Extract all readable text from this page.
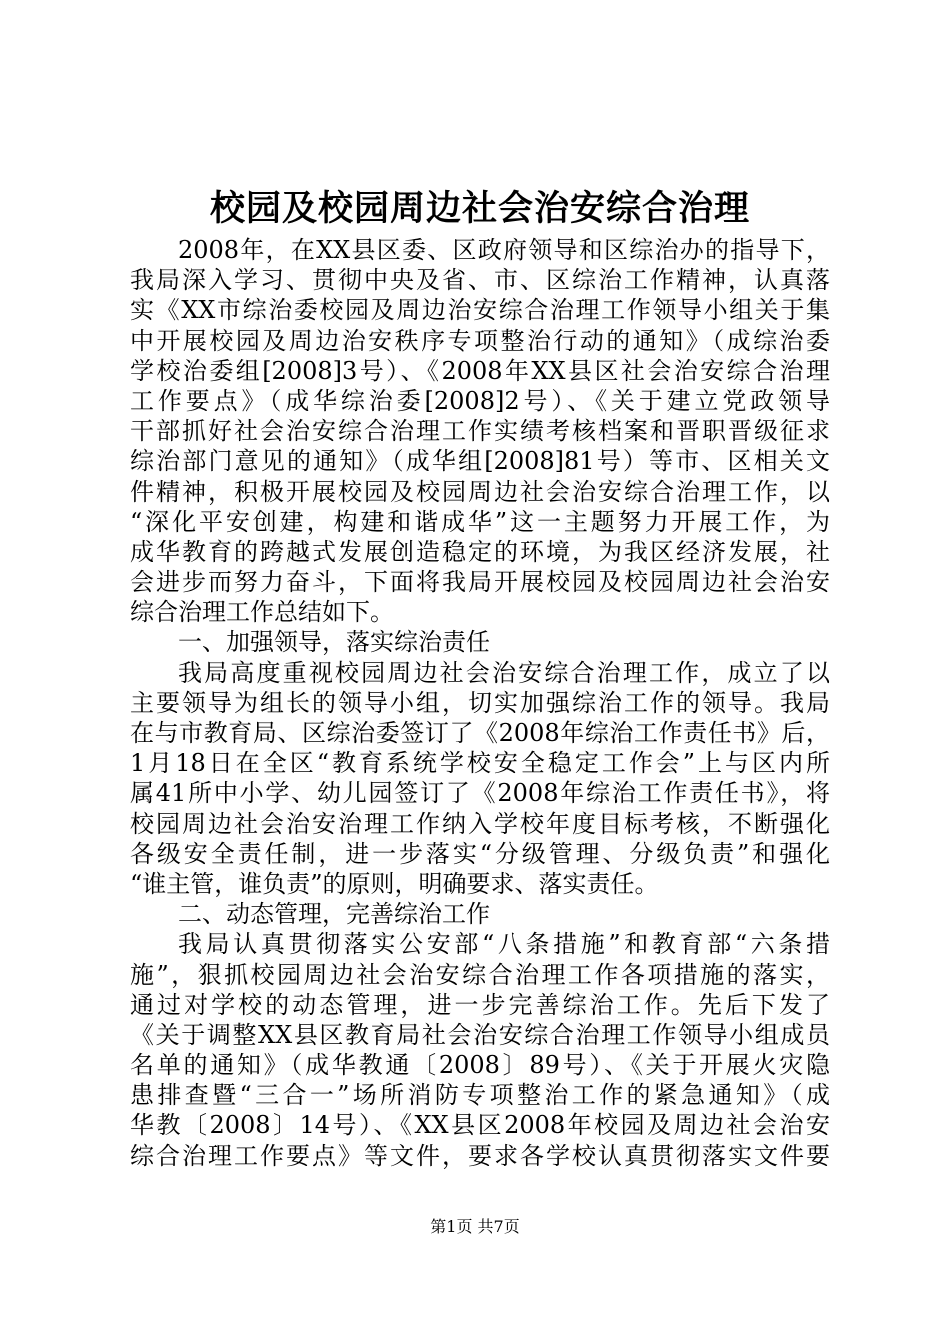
校园及校园周边社会治安综合治理
2008年，在XX县区委、区政府领导和区综治办的指导下，
我局深入学习、贯彻中央及省、市、区综治工作精神，认真落
实《XX市综治委校园及周边治安综合治理工作领导小组关于集
中开展校园及周边治安秩序专项整治行动的通知》（成综治委
学校治委组[2008]3号）、《2008年XX县区社会治安综合治理
工作要点》（成华综治委[2008]2号）、《关于建立党政领导
干部抓好社会治安综合治理工作实绩考核档案和晋职晋级征求
综治部门意见的通知》（成华组[2008]81号）等市、区相关文
件精神，积极开展校园及校园周边社会治安综合治理工作，以
“深化平安创建，构建和谐成华”这一主题努力开展工作，为
成华教育的跨越式发展创造稳定的环境，为我区经济发展，社
会进步而努力奋斗，下面将我局开展校园及校园周边社会治安
综合治理工作总结如下。
一、加强领导，落实综治责任
我局高度重视校园周边社会治安综合治理工作，成立了以
主要领导为组长的领导小组，切实加强综治工作的领导。我局
在与市教育局、区综治委签订了《2008年综治工作责任书》后，
1月18日在全区“教育系统学校安全稳定工作会”上与区内所
属41所中小学、幼儿园签订了《2008年综治工作责任书》，将
校园周边社会治安治理工作纳入学校年度目标考核，不断强化
各级安全责任制，进一步落实“分级管理、分级负责”和强化
“谁主管，谁负责”的原则，明确要求、落实责任。
二、动态管理，完善综治工作
我局认真贯彻落实公安部“八条措施”和教育部“六条措
施”，狠抓校园周边社会治安综合治理工作各项措施的落实，
通过对学校的动态管理，进一步完善综治工作。先后下发了
《关于调整XX县区教育局社会治安综合治理工作领导小组成员
名单的通知》（成华教通〔2008〕89号）、《关于开展火灾隐
患排查暨“三合一”场所消防专项整治工作的紧急通知》（成
华教〔2008〕14号）、《XX县区2008年校园及周边社会治安
综合治理工作要点》等文件，要求各学校认真贯彻落实文件要
第1页 共7页
